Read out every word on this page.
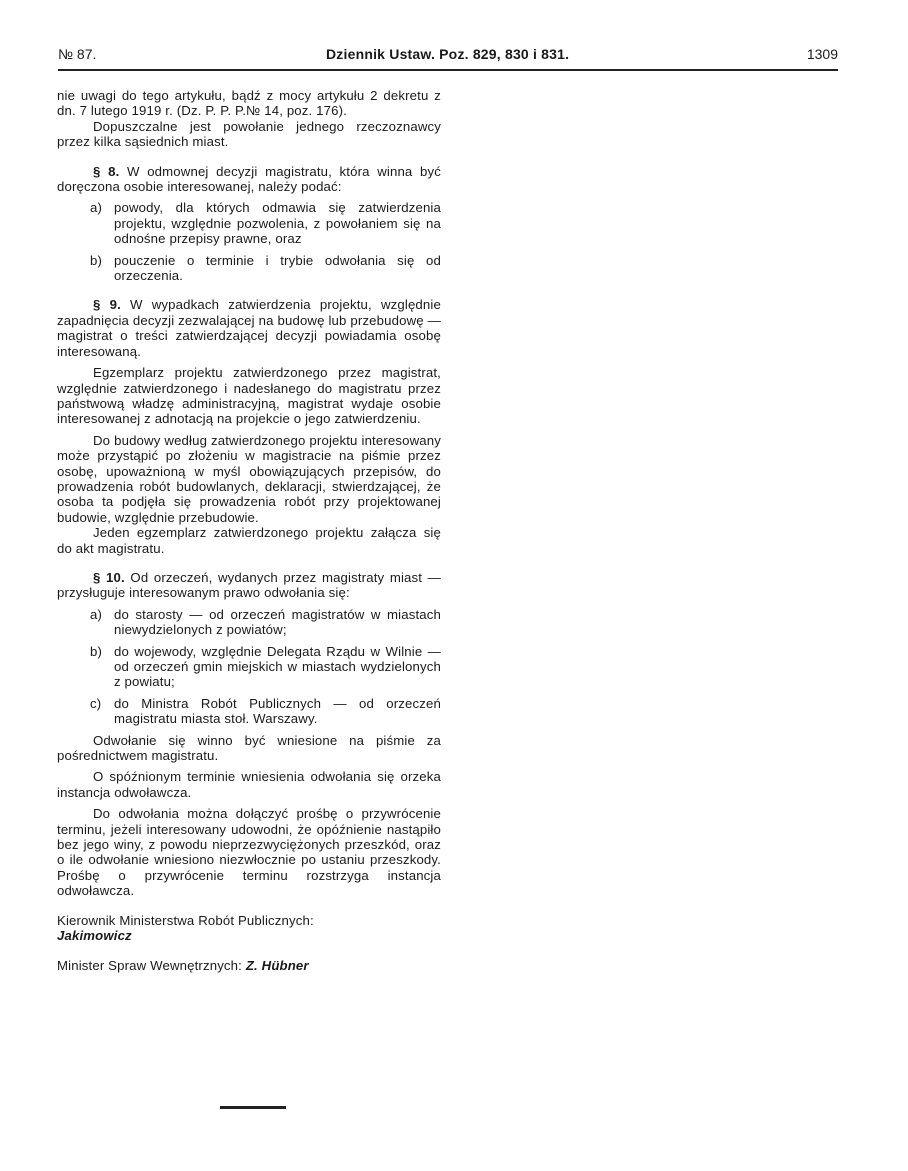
№ 87.	Dziennik Ustaw. Poz. 829, 830 i 831.	1309

nie uwagi do tego artykułu, bądź z mocy artykułu 2 dekretu z dn. 7 lutego 1919 r. (Dz. P. P. P.№ 14, poz. 176).

Dopuszczalne jest powołanie jednego rzeczoznawcy przez kilka sąsiednich miast.

§ 8. W odmownej decyzji magistratu, która winna być doręczona osobie interesowanej, należy podać:

a) powody, dla których odmawia się zatwierdzenia projektu, względnie pozwolenia, z powołaniem się na odnośne przepisy prawne, oraz
b) pouczenie o terminie i trybie odwołania się od orzeczenia.

§ 9. W wypadkach zatwierdzenia projektu, względnie zapadnięcia decyzji zezwalającej na budowę lub przebudowę — magistrat o treści zatwierdzającej decyzji powiadamia osobę interesowaną.

Egzemplarz projektu zatwierdzonego przez magistrat, względnie zatwierdzonego i nadesłanego do magistratu przez państwową władzę administracyjną, magistrat wydaje osobie interesowanej z adnotacją na projekcie o jego zatwierdzeniu.

Do budowy według zatwierdzonego projektu interesowany może przystąpić po złożeniu w magistracie na piśmie przez osobę, upoważnioną w myśl obowiązujących przepisów, do prowadzenia robót budowlanych, deklaracji, stwierdzającej, że osoba ta podjęła się prowadzenia robót przy projektowanej budowie, względnie przebudowie.

Jeden egzemplarz zatwierdzonego projektu załącza się do akt magistratu.

§ 10. Od orzeczeń, wydanych przez magistraty miast — przysługuje interesowanym prawo odwołania się:

a) do starosty — od orzeczeń magistratów w miastach niewydzielonych z powiatów;
b) do wojewody, względnie Delegata Rządu w Wilnie — od orzeczeń gmin miejskich w miastach wydzielonych z powiatu;
c) do Ministra Robót Publicznych — od orzeczeń magistratu miasta stoł. Warszawy.

Odwołanie się winno być wniesione na piśmie za pośrednictwem magistratu.

O spóźnionym terminie wniesienia odwołania się orzeka instancja odwoławcza.

Do odwołania można dołączyć prośbę o przywrócenie terminu, jeżeli interesowany udowodni, że opóźnienie nastąpiło bez jego winy, z powodu nieprzezwyciężonych przeszkód, oraz o ile odwołanie wniesiono niezwłocznie po ustaniu przeszkody. Prośbę o przywrócenie terminu rozstrzyga instancja odwoławcza.

Kierownik Ministerstwa Robót Publicznych:

Jakimowicz

Minister Spraw Wewnętrznych: Z. Hübner
